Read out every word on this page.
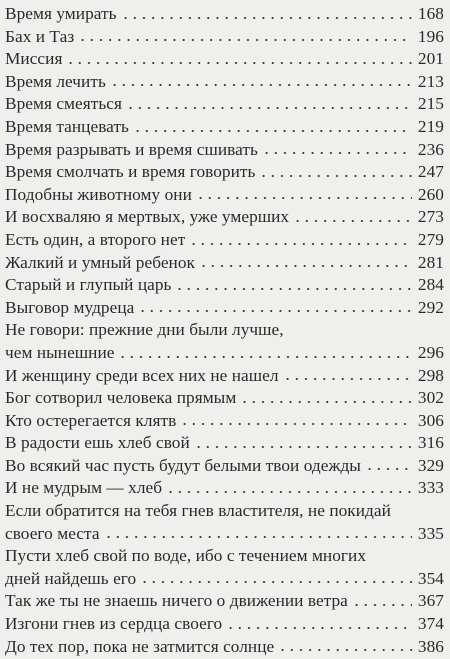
Время умирать	168
Бах и Таз	196
Миссия	201
Время лечить	213
Время смеяться	215
Время танцевать	219
Время разрывать и время сшивать	236
Время смолчать и время говорить	247
Подобны животному они	260
И восхваляю я мертвых, уже умерших	273
Есть один, а второго нет	279
Жалкий и умный ребенок	281
Старый и глупый царь	284
Выговор мудреца	292
Не говори: прежние дни были лучше,
чем нынешние	296
И женщину среди всех них не нашел	298
Бог сотворил человека прямым	302
Кто остерегается клятв	306
В радости ешь хлеб свой	316
Во всякий час пусть будут белыми твои одежды	329
И не мудрым — хлеб	333
Если обратится на тебя гнев властителя, не покидай
своего места	335
Пусти хлеб свой по воде, ибо с течением многих
дней найдешь его	354
Так же ты не знаешь ничего о движении ветра	367
Изгони гнев из сердца своего	374
До тех пор, пока не затмится солнце	386
